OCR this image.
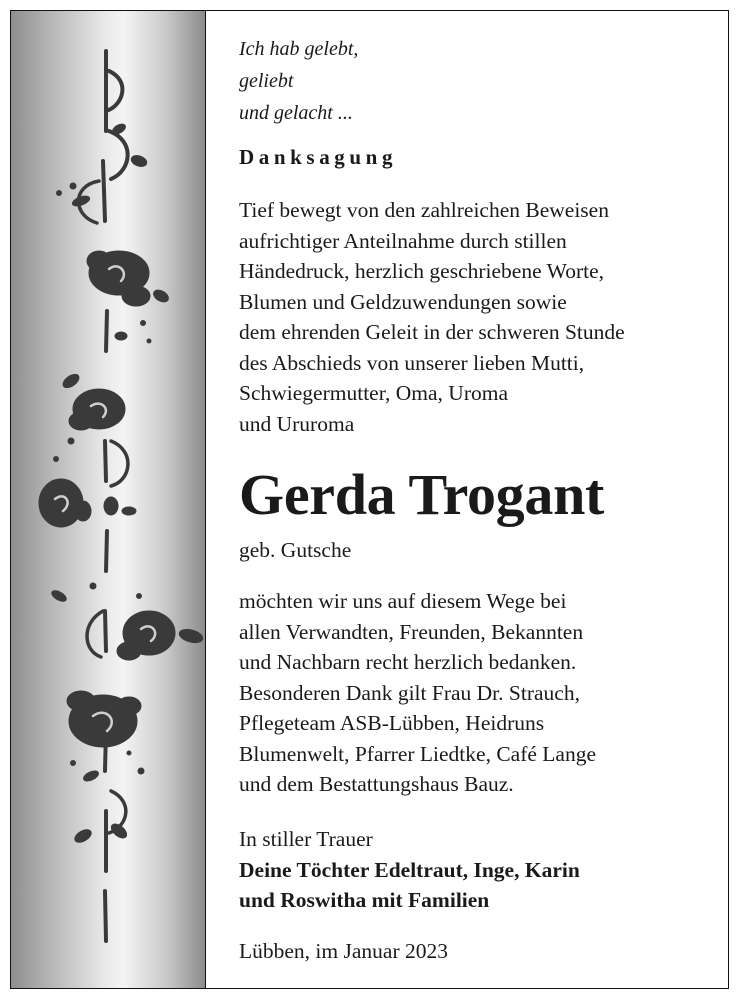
Ich hab gelebt,
geliebt
und gelacht ...
Danksagung
Tief bewegt von den zahlreichen Beweisen
aufrichtiger Anteilnahme durch stillen
Händedruck, herzlich geschriebene Worte,
Blumen und Geldzuwendungen sowie
dem ehrenden Geleit in der schweren Stunde
des Abschieds von unserer lieben Mutti,
Schwiegermutter, Oma, Uroma
und Ururoma
Gerda Trogant
geb. Gutsche
möchten wir uns auf diesem Wege bei
allen Verwandten, Freunden, Bekannten
und Nachbarn recht herzlich bedanken.
Besonderen Dank gilt Frau Dr. Strauch,
Pflegeteam ASB-Lübben, Heidruns
Blumenwelt, Pfarrer Liedtke, Café Lange
und dem Bestattungshaus Bauz.
In stiller Trauer
Deine Töchter Edeltraut, Inge, Karin
und Roswitha mit Familien
Lübben, im Januar 2023
